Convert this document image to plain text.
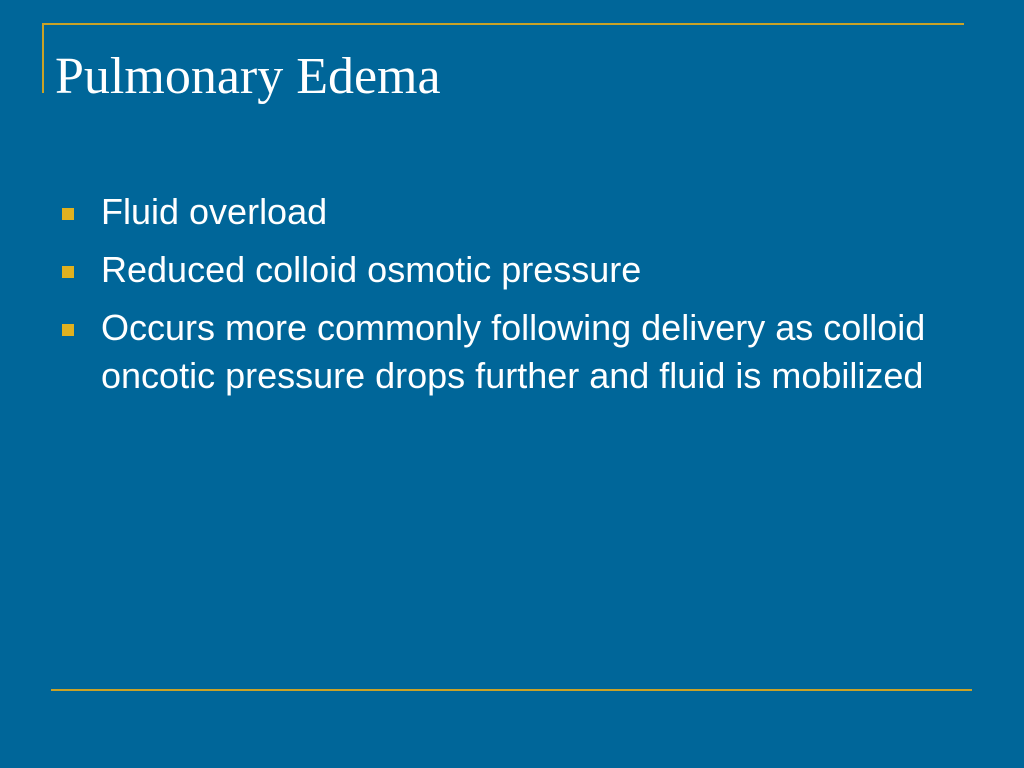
Pulmonary Edema
Fluid overload
Reduced colloid osmotic pressure
Occurs more commonly following delivery as colloid oncotic pressure drops further and fluid is mobilized
